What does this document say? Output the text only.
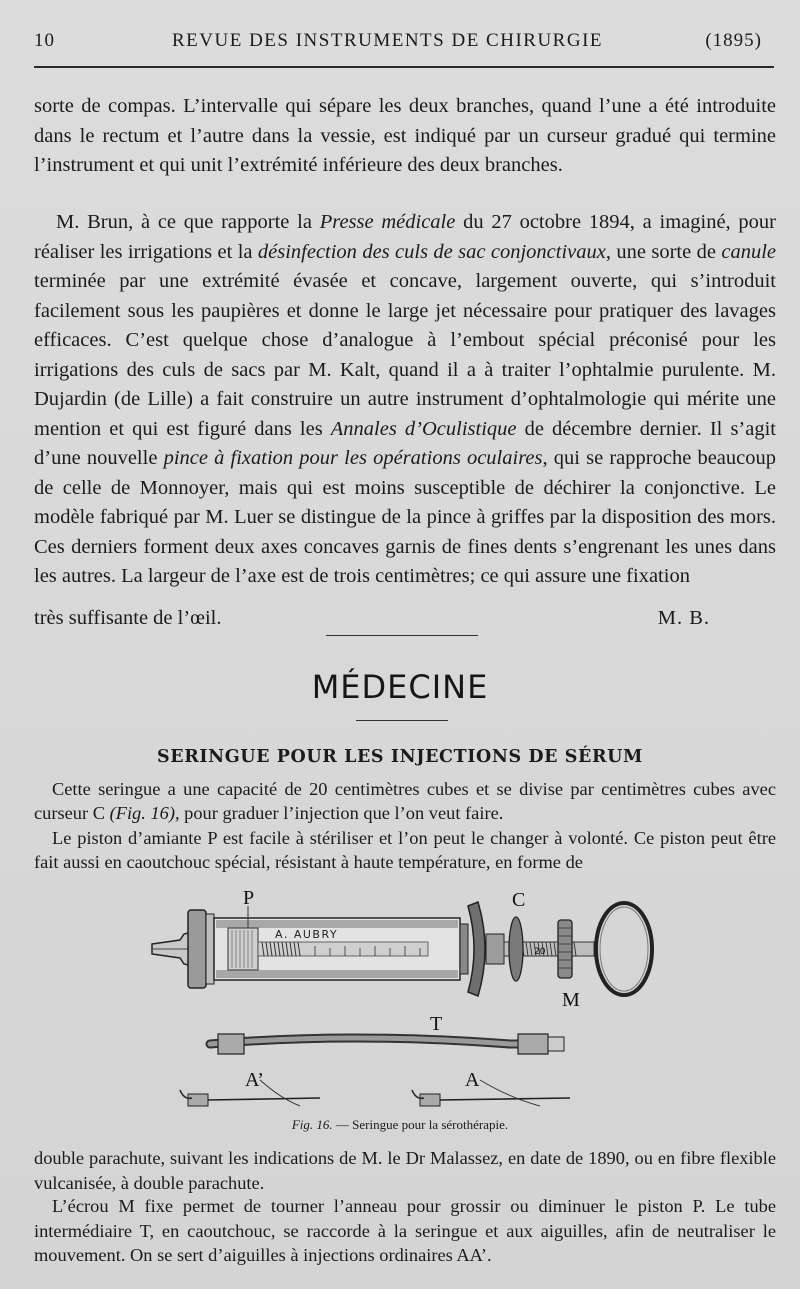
10	REVUE DES INSTRUMENTS DE CHIRURGIE	(1895)
sorte de compas. L’intervalle qui sépare les deux branches, quand l’une a été introduite dans le rectum et l’autre dans la vessie, est indiqué par un curseur gradué qui termine l’instrument et qui unit l’extrémité inférieure des deux branches.
M. Brun, à ce que rapporte la Presse médicale du 27 octobre 1894, a imaginé, pour réaliser les irrigations et la désinfection des culs de sac conjonctivaux, une sorte de canule terminée par une extrémité évasée et concave, largement ouverte, qui s’introduit facilement sous les paupières et donne le large jet nécessaire pour pratiquer des lavages efficaces. C’est quelque chose d’analogue à l’embout spécial préconisé pour les irrigations des culs de sacs par M. Kalt, quand il a à traiter l’ophtalmie purulente. M. Dujardin (de Lille) a fait construire un autre instrument d’ophtalmologie qui mérite une mention et qui est figuré dans les Annales d’Oculistique de décembre dernier. Il s’agit d’une nouvelle pince à fixation pour les opérations oculaires, qui se rapproche beaucoup de celle de Monnoyer, mais qui est moins susceptible de déchirer la conjonctive. Le modèle fabriqué par M. Luer se distingue de la pince à griffes par la disposition des mors. Ces derniers forment deux axes concaves garnis de fines dents s’engrenant les unes dans les autres. La largeur de l’axe est de trois centimètres; ce qui assure une fixation
très suffisante de l’œil.	M. B.
MÉDECINE
SERINGUE POUR LES INJECTIONS DE SÉRUM
Cette seringue a une capacité de 20 centimètres cubes et se divise par centimètres cubes avec curseur C (Fig. 16), pour graduer l’injection que l’on veut faire.
Le piston d’amiante P est facile à stériliser et l’on peut le changer à volonté. Ce piston peut être fait aussi en caoutchouc spécial, résistant à haute température, en forme de
A. AUBRY
20
P	C
M
T
A’	A
Fig. 16. — Seringue pour la sérothérapie.
double parachute, suivant les indications de M. le Dr Malassez, en date de 1890, ou en fibre flexible vulcanisée, à double parachute.
L’écrou M fixe permet de tourner l’anneau pour grossir ou diminuer le piston P. Le tube intermédiaire T, en caoutchouc, se raccorde à la seringue et aux aiguilles, afin de neutraliser le mouvement. On se sert d’aiguilles à injections ordinaires AA’.
